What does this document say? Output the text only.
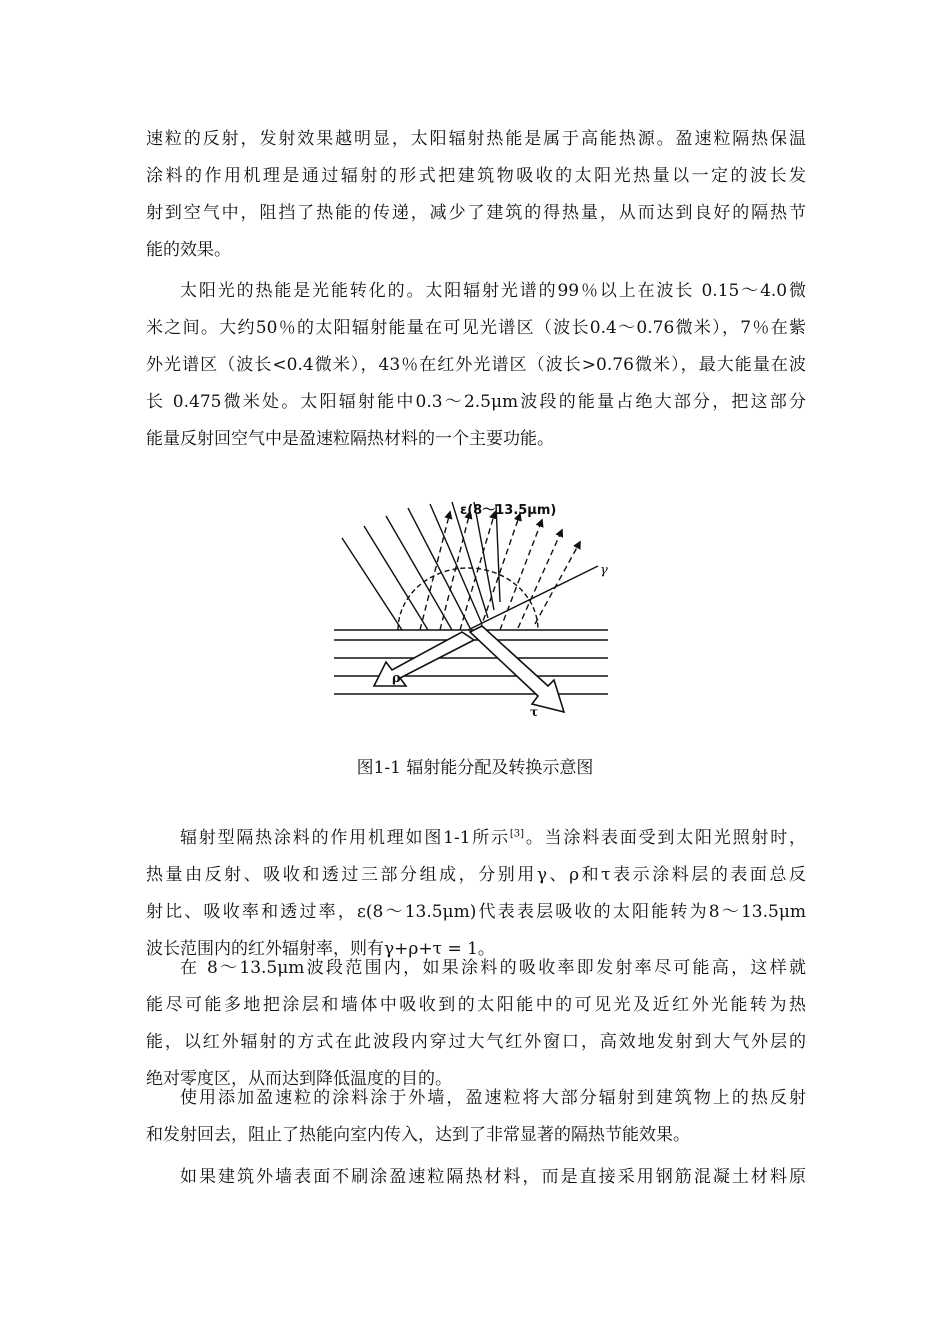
速粒的反射，发射效果越明显，太阳辐射热能是属于高能热源。盈速粒隔热保温
涂料的作用机理是通过辐射的形式把建筑物吸收的太阳光热量以一定的波长发
射到空气中，阻挡了热能的传递，减少了建筑的得热量，从而达到良好的隔热节
能的效果。
太阳光的热能是光能转化的。太阳辐射光谱的99％以上在波长 0.15～4.0微
米之间。大约50％的太阳辐射能量在可见光谱区（波长0.4～0.76微米），7％在紫
外光谱区（波长<0.4微米），43％在红外光谱区（波长>0.76微米），最大能量在波
长 0.475微米处。太阳辐射能中0.3～2.5μm波段的能量占绝大部分，把这部分
能量反射回空气中是盈速粒隔热材料的一个主要功能。
ε(8～13.5μm)
γ
ρ
τ
图1-1 辐射能分配及转换示意图
辐射型隔热涂料的作用机理如图1-1所示[3]。当涂料表面受到太阳光照射时，
热量由反射、吸收和透过三部分组成，分别用γ、ρ和τ表示涂料层的表面总反
射比、吸收率和透过率，ε(8～13.5μm)代表表层吸收的太阳能转为8～13.5μm
波长范围内的红外辐射率，则有γ+ρ+τ = 1。
在 8～13.5μm波段范围内，如果涂料的吸收率即发射率尽可能高，这样就
能尽可能多地把涂层和墙体中吸收到的太阳能中的可见光及近红外光能转为热
能，以红外辐射的方式在此波段内穿过大气红外窗口，高效地发射到大气外层的
绝对零度区，从而达到降低温度的目的。
使用添加盈速粒的涂料涂于外墙，盈速粒将大部分辐射到建筑物上的热反射
和发射回去，阻止了热能向室内传入，达到了非常显著的隔热节能效果。
如果建筑外墙表面不刷涂盈速粒隔热材料，而是直接采用钢筋混凝土材料原
